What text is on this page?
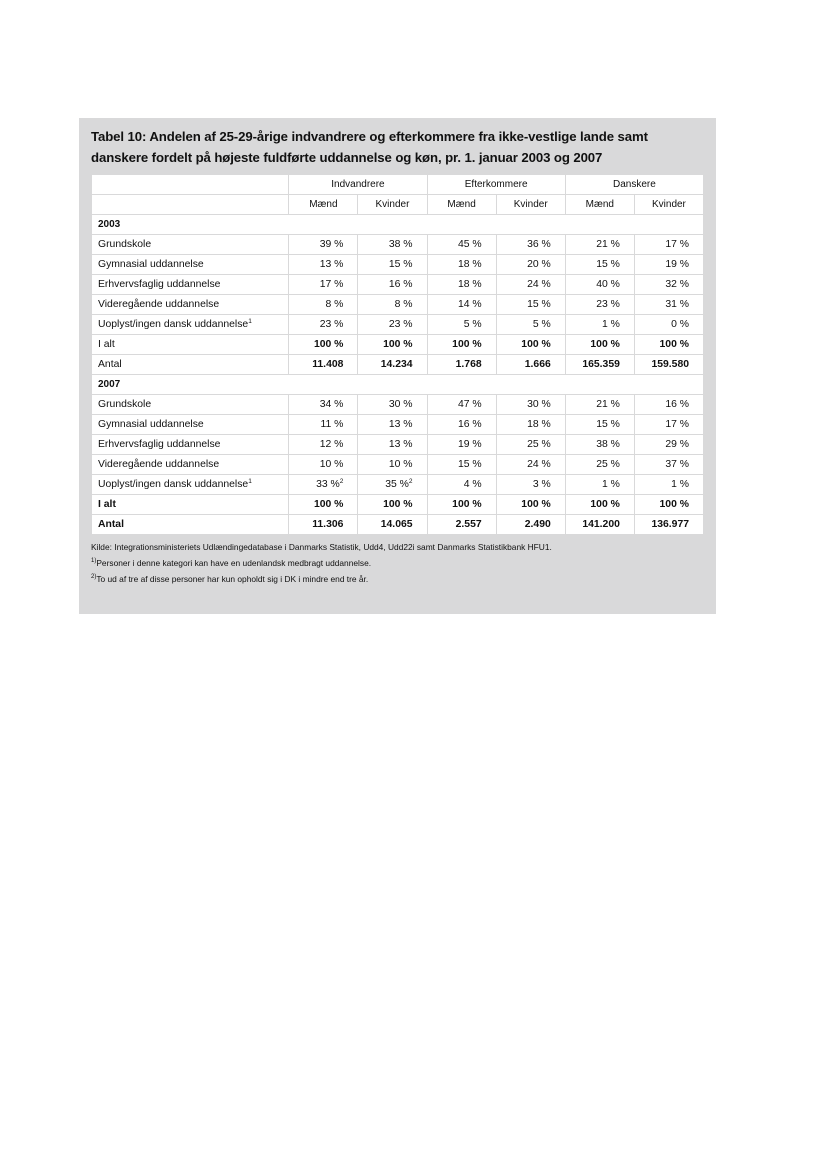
Tabel 10: Andelen af 25-29-årige indvandrere og efterkommere fra ikke-vestlige lande samt danskere fordelt på højeste fuldførte uddannelse og køn, pr. 1. januar 2003 og 2007
	Indvandrere		Efterkommere		Danskere	
	Mænd	Kvinder	Mænd	Kvinder	Mænd	Kvinder
2003						
Grundskole	39 %	38 %	45 %	36 %	21 %	17 %
Gymnasial uddannelse	13 %	15 %	18 %	20 %	15 %	19 %
Erhvervsfaglig uddannelse	17 %	16 %	18 %	24 %	40 %	32 %
Videregående uddannelse	8 %	8 %	14 %	15 %	23 %	31 %
Uoplyst/ingen dansk uddannelse$^1$	23 %	23 %	5 %	5 %	1 %	0 %
I alt	100 %	100 %	100 %	100 %	100 %	100 %
Antal	11.408	14.234	1.768	1.666	165.359	159.580
2007						
Grundskole	34 %	30 %	47 %	30 %	21 %	16 %
Gymnasial uddannelse	11 %	13 %	16 %	18 %	15 %	17 %
Erhvervsfaglig uddannelse	12 %	13 %	19 %	25 %	38 %	29 %
Videregående uddannelse	10 %	10 %	15 %	24 %	25 %	37 %
Uoplyst/ingen dansk uddannelse$^1$	33 %$^2$	35 %$^2$	4 %	3 %	1 %	1 %
I alt	100 %	100 %	100 %	100 %	100 %	100 %
Antal	11.306	14.065	2.557	2.490	141.200	136.977
Kilde: Integrationsministeriets Udlændingedatabase i Danmarks Statistik, Udd4, Udd22i samt Danmarks Statistikbank HFU1.
$^{1)}$Personer i denne kategori kan have en udenlandsk medbragt uddannelse.
$^{2)}$To ud af tre af disse personer har kun opholdt sig i DK i mindre end tre år.
